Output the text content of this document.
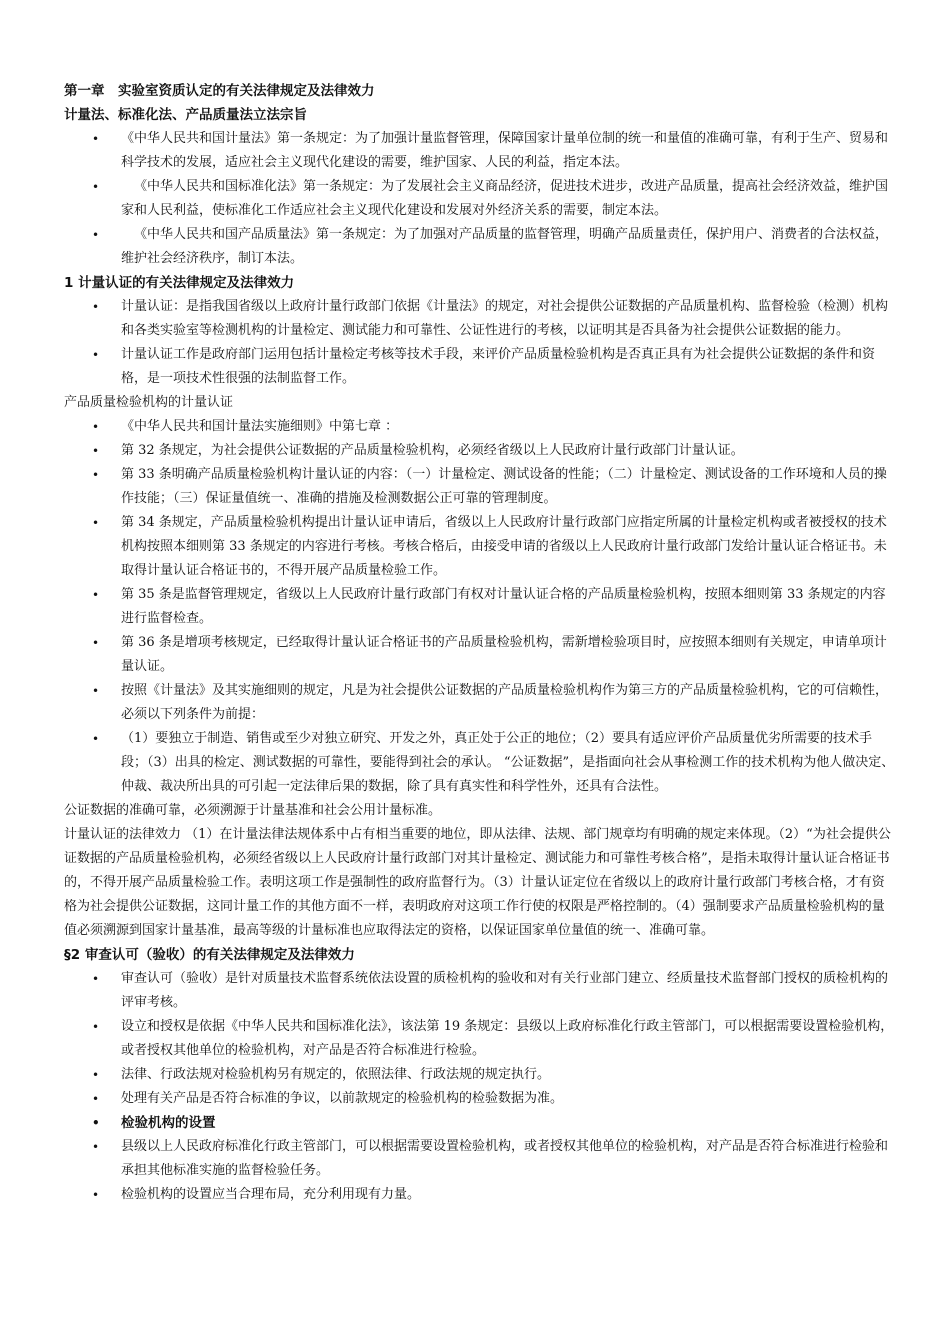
第一章　实验室资质认定的有关法律规定及法律效力

计量法、标准化法、产品质量法立法宗旨

• 《中华人民共和国计量法》第一条规定：为了加强计量监督管理，保障国家计量单位制的统一和量值的准确可靠，有利于生产、贸易和科学技术的发展，适应社会主义现代化建设的需要，维护国家、人民的利益，指定本法。
•	《中华人民共和国标准化法》第一条规定：为了发展社会主义商品经济，促进技术进步，改进产品质量，提高社会经济效益，维护国家和人民利益，使标准化工作适应社会主义现代化建设和发展对外经济关系的需要，制定本法。
•	《中华人民共和国产品质量法》第一条规定：为了加强对产品质量的监督管理，明确产品质量责任，保护用户、消费者的合法权益，维护社会经济秩序，制订本法。

1 计量认证的有关法律规定及法律效力

• 计量认证：是指我国省级以上政府计量行政部门依据《计量法》的规定，对社会提供公证数据的产品质量机构、监督检验（检测）机构和各类实验室等检测机构的计量检定、测试能力和可靠性、公证性进行的考核，以证明其是否具备为社会提供公证数据的能力。
• 计量认证工作是政府部门运用包括计量检定考核等技术手段，来评价产品质量检验机构是否真正具有为社会提供公证数据的条件和资格，是一项技术性很强的法制监督工作。

产品质量检验机构的计量认证

• 《中华人民共和国计量法实施细则》中第七章 ：
• 第 32 条规定，为社会提供公证数据的产品质量检验机构，必须经省级以上人民政府计量行政部门计量认证。
• 第 33 条明确产品质量检验机构计量认证的内容：（一）计量检定、测试设备的性能；（二）计量检定、测试设备的工作环境和人员的操作技能；（三）保证量值统一、准确的措施及检测数据公正可靠的管理制度。
• 第 34 条规定，产品质量检验机构提出计量认证申请后，省级以上人民政府计量行政部门应指定所属的计量检定机构或者被授权的技术机构按照本细则第 33 条规定的内容进行考核。考核合格后，由接受申请的省级以上人民政府计量行政部门发给计量认证合格证书。未取得计量认证合格证书的，不得开展产品质量检验工作。
• 第 35 条是监督管理规定，省级以上人民政府计量行政部门有权对计量认证合格的产品质量检验机构，按照本细则第 33 条规定的内容进行监督检查。
• 第 36 条是增项考核规定，已经取得计量认证合格证书的产品质量检验机构，需新增检验项目时，应按照本细则有关规定，申请单项计量认证。
• 按照《计量法》及其实施细则的规定，凡是为社会提供公证数据的产品质量检验机构作为第三方的产品质量检验机构，它的可信赖性，必须以下列条件为前提：
• （1）要独立于制造、销售或至少对独立研究、开发之外，真正处于公正的地位；（2）要具有适应评价产品质量优劣所需要的技术手段；（3）出具的检定、测试数据的可靠性，要能得到社会的承认。 “公证数据”，是指面向社会从事检测工作的技术机构为他人做决定、仲裁、裁决所出具的可引起一定法律后果的数据，除了具有真实性和科学性外，还具有合法性。

公证数据的准确可靠，必须溯源于计量基准和社会公用计量标准。

计量认证的法律效力 （1）在计量法律法规体系中占有相当重要的地位，即从法律、法规、部门规章均有明确的规定来体现。（2）“为社会提供公证数据的产品质量检验机构，必须经省级以上人民政府计量行政部门对其计量检定、测试能力和可靠性考核合格”，是指未取得计量认证合格证书的，不得开展产品质量检验工作。表明这项工作是强制性的政府监督行为。（3）计量认证定位在省级以上的政府计量行政部门考核合格，才有资格为社会提供公证数据，这同计量工作的其他方面不一样，表明政府对这项工作行使的权限是严格控制的。（4）强制要求产品质量检验机构的量值必须溯源到国家计量基准，最高等级的计量标准也应取得法定的资格，以保证国家单位量值的统一、准确可靠。

§2 审查认可（验收）的有关法律规定及法律效力

• 审查认可（验收）是针对质量技术监督系统依法设置的质检机构的验收和对有关行业部门建立、经质量技术监督部门授权的质检机构的评审考核。
• 设立和授权是依据《中华人民共和国标准化法》，该法第 19 条规定：县级以上政府标准化行政主管部门，可以根据需要设置检验机构，或者授权其他单位的检验机构，对产品是否符合标准进行检验。
• 法律、行政法规对检验机构另有规定的，依照法律、行政法规的规定执行。
• 处理有关产品是否符合标准的争议，以前款规定的检验机构的检验数据为准。
• 检验机构的设置
• 县级以上人民政府标准化行政主管部门，可以根据需要设置检验机构，或者授权其他单位的检验机构，对产品是否符合标准进行检验和承担其他标准实施的监督检验任务。
• 检验机构的设置应当合理布局，充分利用现有力量。
